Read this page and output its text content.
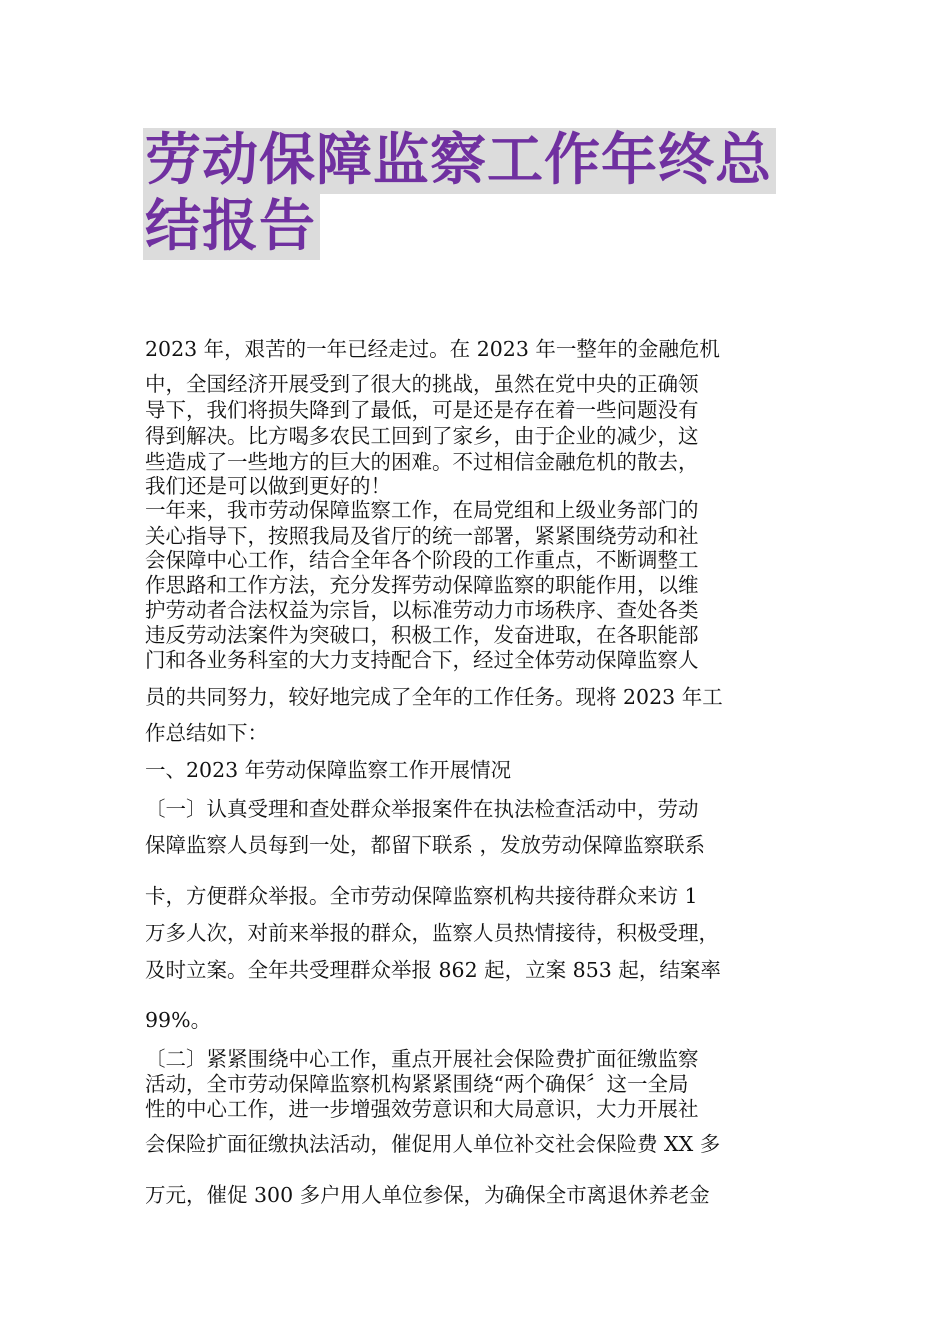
劳动保障监察工作年终总
结报告
2023 年，艰苦的一年已经走过。在 2023 年一整年的金融危机
中，全国经济开展受到了很大的挑战，虽然在党中央的正确领
导下，我们将损失降到了最低，可是还是存在着一些问题没有
得到解决。比方喝多农民工回到了家乡，由于企业的减少，这
些造成了一些地方的巨大的困难。不过相信金融危机的散去，
我们还是可以做到更好的！
一年来，我市劳动保障监察工作，在局党组和上级业务部门的
关心指导下，按照我局及省厅的统一部署，紧紧围绕劳动和社
会保障中心工作，结合全年各个阶段的工作重点，不断调整工
作思路和工作方法，充分发挥劳动保障监察的职能作用，以维
护劳动者合法权益为宗旨，以标准劳动力市场秩序、查处各类
违反劳动法案件为突破口，积极工作，发奋进取，在各职能部
门和各业务科室的大力支持配合下，经过全体劳动保障监察人
员的共同努力，较好地完成了全年的工作任务。现将 2023 年工
作总结如下：
一、2023 年劳动保障监察工作开展情况
〔一〕认真受理和查处群众举报案件在执法检查活动中，劳动
保障监察人员每到一处，都留下联系 ，发放劳动保障监察联系
卡，方便群众举报。全市劳动保障监察机构共接待群众来访 1
万多人次，对前来举报的群众，监察人员热情接待，积极受理，
及时立案。全年共受理群众举报 862 起，立案 853 起，结案率
99%。
〔二〕紧紧围绕中心工作，重点开展社会保险费扩面征缴监察
活动，全市劳动保障监察机构紧紧围绕“两个确保〞这一全局
性的中心工作，进一步增强效劳意识和大局意识，大力开展社
会保险扩面征缴执法活动，催促用人单位补交社会保险费 XX 多
万元，催促 300 多户用人单位参保，为确保全市离退休养老金
